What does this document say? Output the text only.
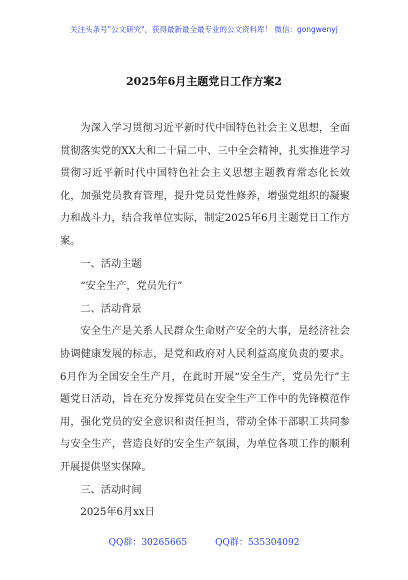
关注头条号"公文研究"，获得最新最全最专业的公文资料库！ 微信：gongwenyj
2025年6月主题党日工作方案2

为深入学习贯彻习近平新时代中国特色社会主义思想，全面贯彻落实党的XX大和二十届二中、三中全会精神，扎实推进学习贯彻习近平新时代中国特色社会主义思想主题教育常态化长效化，加强党员教育管理，提升党员党性修养，增强党组织的凝聚力和战斗力，结合我单位实际，制定2025年6月主题党日工作方案。

一、活动主题

“安全生产，党员先行”

二、活动背景

安全生产是关系人民群众生命财产安全的大事，是经济社会协调健康发展的标志，是党和政府对人民利益高度负责的要求。6月作为全国安全生产月，在此时开展“安全生产，党员先行”主题党日活动，旨在充分发挥党员在安全生产工作中的先锋模范作用，强化党员的安全意识和责任担当，带动全体干部职工共同参与安全生产，营造良好的安全生产氛围，为单位各项工作的顺利开展提供坚实保障。

三、活动时间

2025年6月xx日

QQ群：30265665	QQ群：535304092
